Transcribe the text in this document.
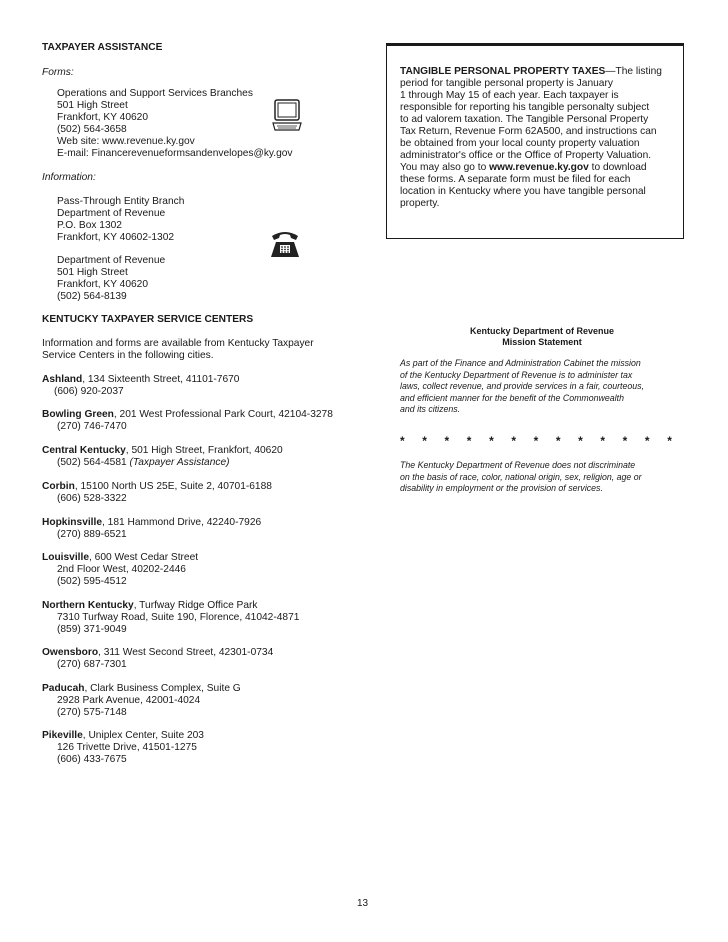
TAXPAYER ASSISTANCE
Forms:
Operations and Support Services Branches
501 High Street
Frankfort, KY 40620
(502) 564-3658
Web site: www.revenue.ky.gov
E-mail: Financerevenueformsandenvelopes@ky.gov
Information:
Pass-Through Entity Branch
Department of Revenue
P.O. Box 1302
Frankfort, KY 40602-1302
Department of Revenue
501 High Street
Frankfort, KY 40620
(502) 564-8139
KENTUCKY TAXPAYER SERVICE CENTERS
Information and forms are available from Kentucky Taxpayer
Service Centers in the following cities.
Ashland, 134 Sixteenth Street, 41101-7670
(606) 920-2037
Bowling Green, 201 West Professional Park Court, 42104-3278
(270) 746-7470
Central Kentucky, 501 High Street, Frankfort, 40620
(502) 564-4581 (Taxpayer Assistance)
Corbin, 15100 North US 25E, Suite 2, 40701-6188
(606) 528-3322
Hopkinsville, 181 Hammond Drive, 42240-7926
(270) 889-6521
Louisville, 600 West Cedar Street
2nd Floor West, 40202-2446
(502) 595-4512
Northern Kentucky, Turfway Ridge Office Park
7310 Turfway Road, Suite 190, Florence, 41042-4871
(859) 371-9049
Owensboro, 311 West Second Street, 42301-0734
(270) 687-7301
Paducah, Clark Business Complex, Suite G
2928 Park Avenue, 42001-4024
(270) 575-7148
Pikeville, Uniplex Center, Suite 203
126 Trivette Drive, 41501-1275
(606) 433-7675
TANGIBLE PERSONAL PROPERTY TAXES—The listing
period for tangible personal property is January
1 through May 15 of each year. Each taxpayer is
responsible for reporting his tangible personalty subject
to ad valorem taxation. The Tangible Personal Property
Tax Return, Revenue Form 62A500, and instructions can
be obtained from your local county property valuation
administrator's office or the Office of Property Valuation.
You may also go to www.revenue.ky.gov to download
these forms. A separate form must be filed for each
location in Kentucky where you have tangible personal
property.
Kentucky Department of Revenue
Mission Statement
As part of the Finance and Administration Cabinet the mission
of the Kentucky Department of Revenue is to administer tax
laws, collect revenue, and provide services in a fair, courteous,
and efficient manner for the benefit of the Commonwealth
and its citizens.
* * * * * * * * * * * * *
The Kentucky Department of Revenue does not discriminate
on the basis of race, color, national origin, sex, religion, age or
disability in employment or the provision of services.
13
